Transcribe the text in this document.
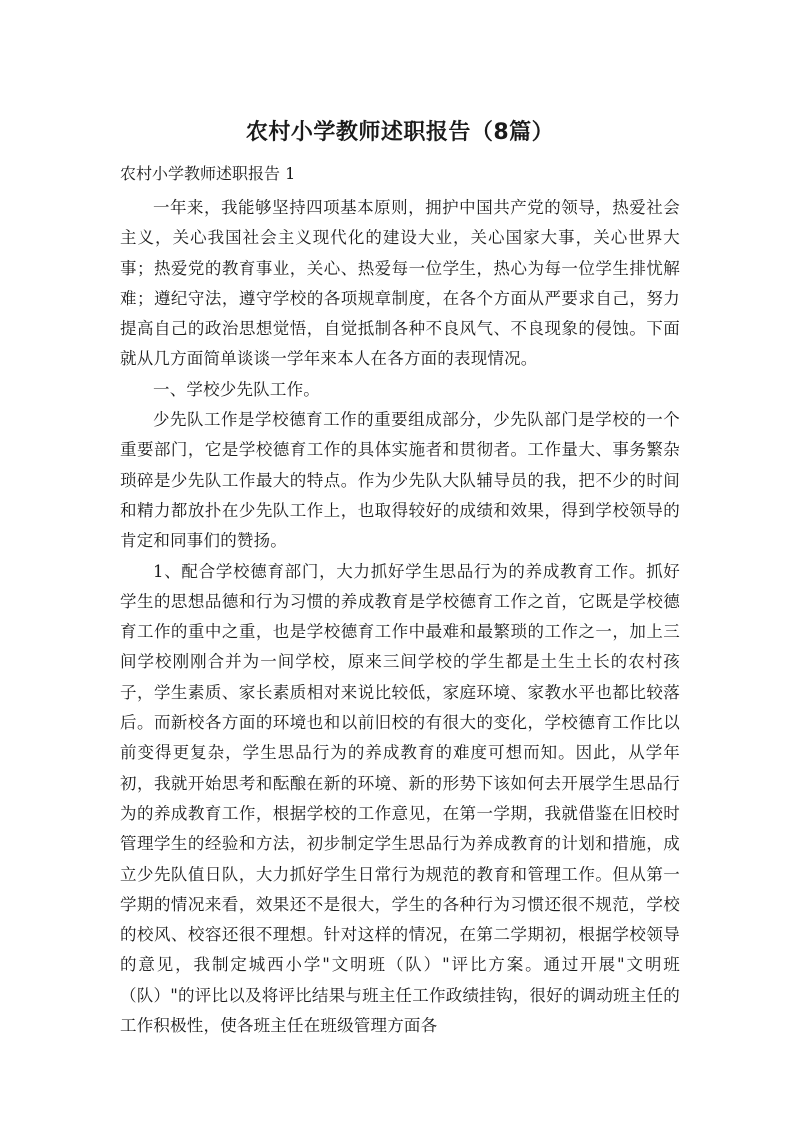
农村小学教师述职报告（8篇）
农村小学教师述职报告 1

一年来，我能够坚持四项基本原则，拥护中国共产党的领导，热爱社会主义，关心我国社会主义现代化的建设大业，关心国家大事，关心世界大事；热爱党的教育事业，关心、热爱每一位学生，热心为每一位学生排忧解难；遵纪守法，遵守学校的各项规章制度，在各个方面从严要求自己，努力提高自己的政治思想觉悟，自觉抵制各种不良风气、不良现象的侵蚀。下面就从几方面简单谈谈一学年来本人在各方面的表现情况。

一、学校少先队工作。

少先队工作是学校德育工作的重要组成部分，少先队部门是学校的一个重要部门，它是学校德育工作的具体实施者和贯彻者。工作量大、事务繁杂琐碎是少先队工作最大的特点。作为少先队大队辅导员的我，把不少的时间和精力都放扑在少先队工作上，也取得较好的成绩和效果，得到学校领导的肯定和同事们的赞扬。

1、配合学校德育部门，大力抓好学生思品行为的养成教育工作。抓好学生的思想品德和行为习惯的养成教育是学校德育工作之首，它既是学校德育工作的重中之重，也是学校德育工作中最难和最繁琐的工作之一，加上三间学校刚刚合并为一间学校，原来三间学校的学生都是土生土长的农村孩子，学生素质、家长素质相对来说比较低，家庭环境、家教水平也都比较落后。而新校各方面的环境也和以前旧校的有很大的变化，学校德育工作比以前变得更复杂，学生思品行为的养成教育的难度可想而知。因此，从学年初，我就开始思考和酝酿在新的环境、新的形势下该如何去开展学生思品行为的养成教育工作，根据学校的工作意见，在第一学期，我就借鉴在旧校时管理学生的经验和方法，初步制定学生思品行为养成教育的计划和措施，成立少先队值日队，大力抓好学生日常行为规范的教育和管理工作。但从第一学期的情况来看，效果还不是很大，学生的各种行为习惯还很不规范，学校的校风、校容还很不理想。针对这样的情况，在第二学期初，根据学校领导的意见，我制定城西小学"文明班（队）"评比方案。通过开展"文明班（队）"的评比以及将评比结果与班主任工作政绩挂钩，很好的调动班主任的工作积极性，使各班主任在班级管理方面各
